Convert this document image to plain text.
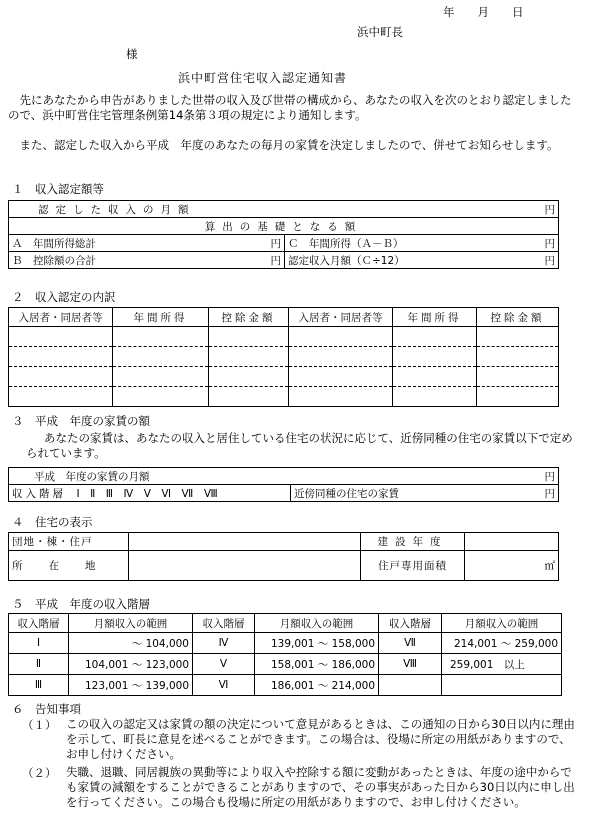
年　　月　　日
浜中町長
様
浜中町営住宅収入認定通知書
　先にあなたから申告がありました世帯の収入及び世帯の構成から、あなたの収入を次のとおり認定しましたので、浜中町営住宅管理条例第14条第３項の規定により通知します。
　また、認定した収入から平成　年度のあなたの毎月の家賃を決定しましたので、併せてお知らせします。
１　収入認定額等
認定した収入の月額 円	

算出の基礎となる額	
Ａ　年間所得総計 円	Ｃ　年間所得（Ａ－Ｂ） 円

Ｂ　控除額の合計 円	認定収入月額（Ｃ÷12） 円
２　収入認定の内訳
入居者・同居者等	年間所得	控除金額	入居者・同居者等	年間所得	控除金額

３　平成　年度の家賃の額
あなたの家賃は、あなたの収入と居住している住宅の状況に応じて、近傍同種の住宅の家賃以下で定められています。
平成　年度の家賃の月額	円

収入階層　 Ⅰ　Ⅱ　Ⅲ　Ⅳ　Ⅴ　Ⅵ　Ⅶ　Ⅷ	近傍同種の住宅の家賃	円
４　住宅の表示
団地・棟・住戸		建設年度	
所在地		住戸専用面積	㎡
５　平成　年度の収入階層
収入階層	月額収入の範囲	収入階層	月額収入の範囲	収入階層	月額収入の範囲
Ⅰ	～ 104,000	Ⅳ	139,001 ～ 158,000	Ⅶ	214,001 ～ 259,000
Ⅱ	104,001 ～ 123,000	Ⅴ	158,001 ～ 186,000	Ⅷ	259,001　以上
Ⅲ	123,001 ～ 139,000	Ⅵ	186,001 ～ 214,000		
６　告知事項
（１） この収入の認定又は家賃の額の決定について意見があるときは、この通知の日から30日以内に理由を示して、町長に意見を述べることができます。この場合は、役場に所定の用紙がありますので、お申し付けください。
（２） 失職、退職、同居親族の異動等により収入や控除する額に変動があったときは、年度の途中からでも家賃の減額をすることができることがありますので、その事実があった日から30日以内に申し出を行ってください。この場合も役場に所定の用紙がありますので、お申し付けください。
